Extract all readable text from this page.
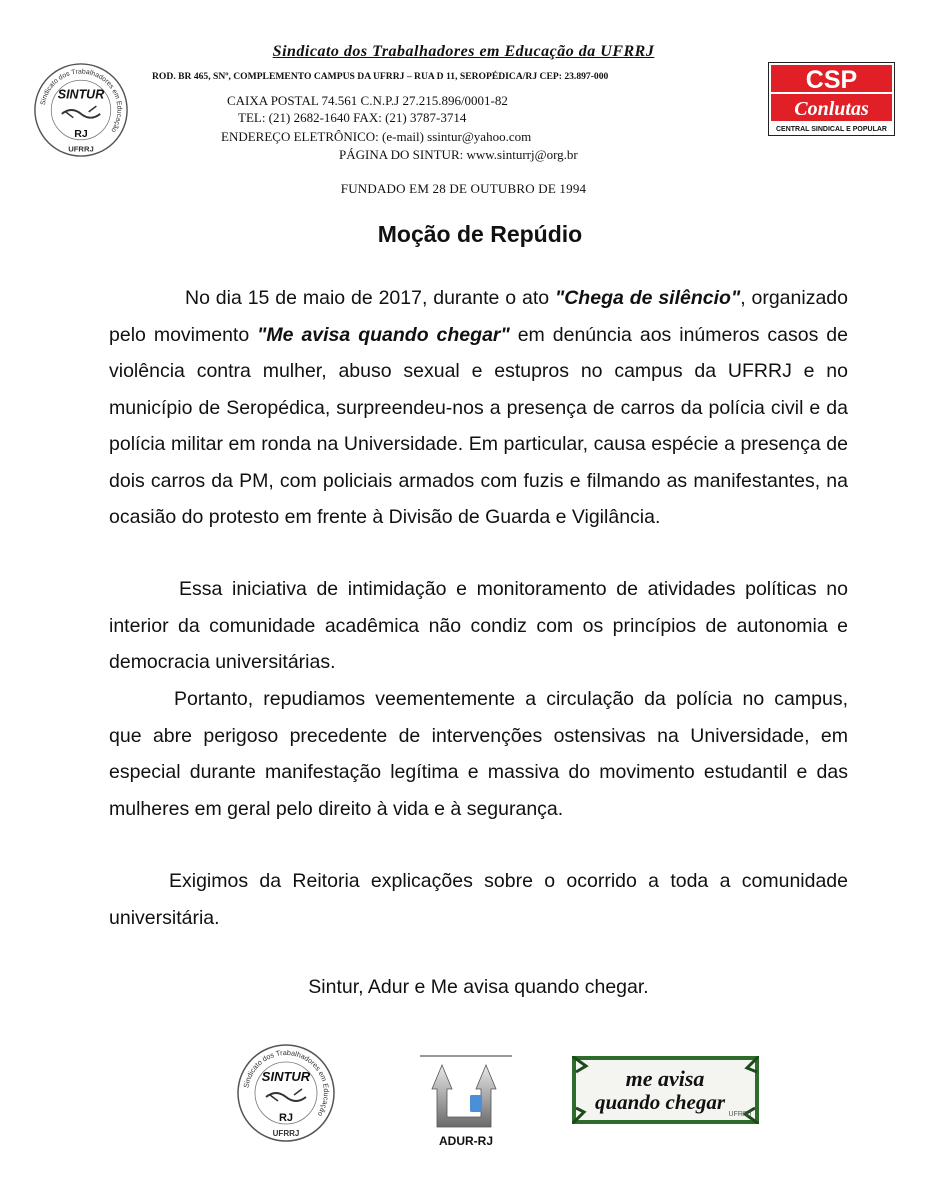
Sindicato dos Trabalhadores em Educação
SINTUR
RJ
UFRRJ
Sindicato dos Trabalhadores em Educação da UFRRJ
ROD. BR 465, SNº, COMPLEMENTO CAMPUS DA UFRRJ – RUA D 11, SEROPÉDICA/RJ CEP: 23.897-000
CAIXA POSTAL 74.561 C.N.P.J 27.215.896/0001-82
TEL: (21) 2682-1640 FAX: (21) 3787-3714
ENDEREÇO ELETRÔNICO: (e-mail) ssintur@yahoo.com
PÁGINA DO SINTUR: www.sinturrj@org.br
CSP
Conlutas
CENTRAL SINDICAL E POPULAR
FUNDADO EM 28 DE OUTUBRO DE 1994
Moção de Repúdio

No dia 15 de maio de 2017, durante o ato "Chega de silêncio", organizado pelo movimento "Me avisa quando chegar" em denúncia aos inúmeros casos de violência contra mulher, abuso sexual e estupros no campus da UFRRJ e no município de Seropédica, surpreendeu-nos a presença de carros da polícia civil e da polícia militar em ronda na Universidade. Em particular, causa espécie a presença de dois carros da PM, com policiais armados com fuzis e filmando as manifestantes, na ocasião do protesto em frente à Divisão de Guarda e Vigilância.

Essa iniciativa de intimidação e monitoramento de atividades políticas no interior da comunidade acadêmica não condiz com os princípios de autonomia e democracia universitárias.

Portanto, repudiamos veementemente a circulação da polícia no campus, que abre perigoso precedente de intervenções ostensivas na Universidade, em especial durante manifestação legítima e massiva do movimento estudantil e das mulheres em geral pelo direito à vida e à segurança.

Exigimos da Reitoria explicações sobre o ocorrido a toda a comunidade universitária.

Sintur, Adur e Me avisa quando chegar.
Sindicato dos Trabalhadores em Educação
SINTUR
RJ
UFRRJ
ADUR-RJ
me avisa
quando chegar
UFRRJ
